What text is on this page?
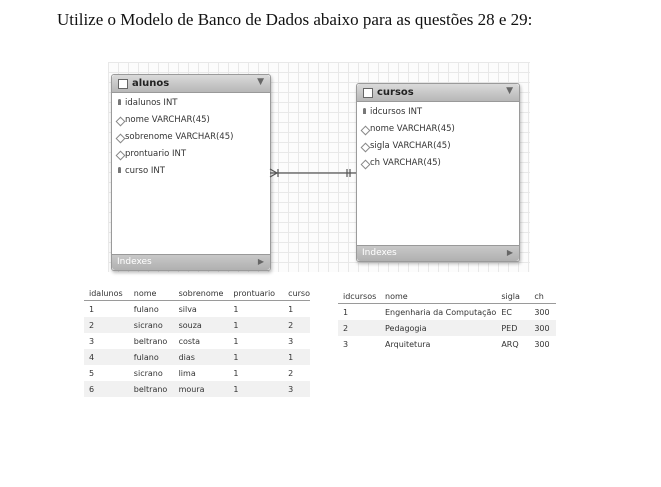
Utilize o Modelo de Banco de Dados abaixo para as questões 28 e 29:
alunos	▼
idalunos INT
nome VARCHAR(45)
sobrenome VARCHAR(45)
prontuario INT
curso INT
Indexes	▶
cursos	▼
idcursos INT
nome VARCHAR(45)
sigla VARCHAR(45)
ch VARCHAR(45)
Indexes	▶
idalunos	nome	sobrenome	prontuario	curso
1	fulano	silva	1	1
2	sicrano	souza	1	2
3	beltrano	costa	1	3
4	fulano	dias	1	1
5	sicrano	lima	1	2
6	beltrano	moura	1	3
idcursos	nome	sigla	ch
1	Engenharia da Computação	EC	300
2	Pedagogia	PED	300
3	Arquitetura	ARQ	300
